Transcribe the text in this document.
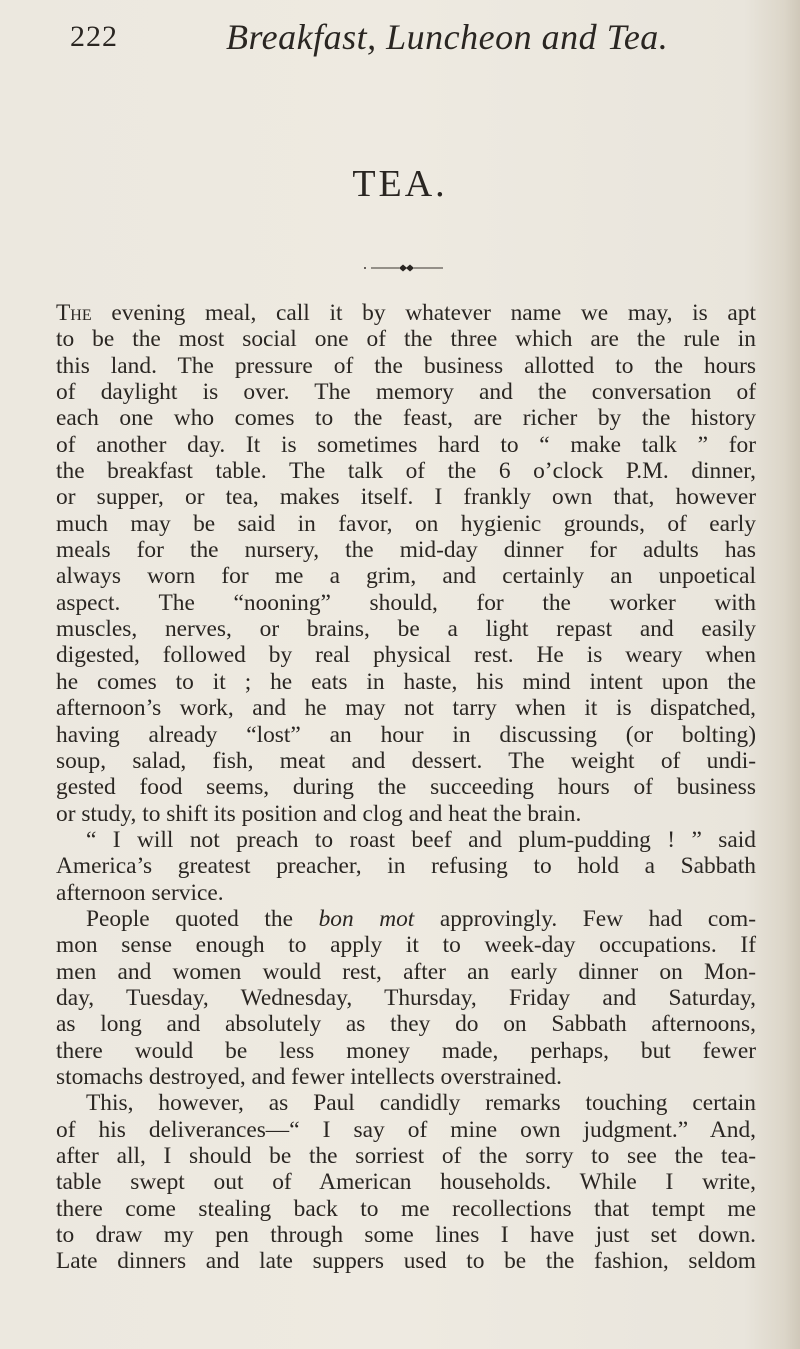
222	Breakfast, Luncheon and Tea.
TEA.
The evening meal, call it by whatever name we may, is apt
to be the most social one of the three which are the rule in
this land. The pressure of the business allotted to the hours
of daylight is over. The memory and the conversation of
each one who comes to the feast, are richer by the history
of another day. It is sometimes hard to “ make talk ” for
the breakfast table. The talk of the 6 o’clock P.M. dinner,
or supper, or tea, makes itself. I frankly own that, however
much may be said in favor, on hygienic grounds, of early
meals for the nursery, the mid-day dinner for adults has
always worn for me a grim, and certainly an unpoetical
aspect. The “nooning” should, for the worker with
muscles, nerves, or brains, be a light repast and easily
digested, followed by real physical rest. He is weary when
he comes to it ; he eats in haste, his mind intent upon the
afternoon’s work, and he may not tarry when it is dispatched,
having already “lost” an hour in discussing (or bolting)
soup, salad, fish, meat and dessert. The weight of undi-
gested food seems, during the succeeding hours of business
or study, to shift its position and clog and heat the brain.
“ I will not preach to roast beef and plum-pudding ! ” said
America’s greatest preacher, in refusing to hold a Sabbath
afternoon service.
People quoted the bon mot approvingly. Few had com-
mon sense enough to apply it to week-day occupations. If
men and women would rest, after an early dinner on Mon-
day, Tuesday, Wednesday, Thursday, Friday and Saturday,
as long and absolutely as they do on Sabbath afternoons,
there would be less money made, perhaps, but fewer
stomachs destroyed, and fewer intellects overstrained.
This, however, as Paul candidly remarks touching certain
of his deliverances—“ I say of mine own judgment.” And,
after all, I should be the sorriest of the sorry to see the tea-
table swept out of American households. While I write,
there come stealing back to me recollections that tempt me
to draw my pen through some lines I have just set down.
Late dinners and late suppers used to be the fashion, seldom
